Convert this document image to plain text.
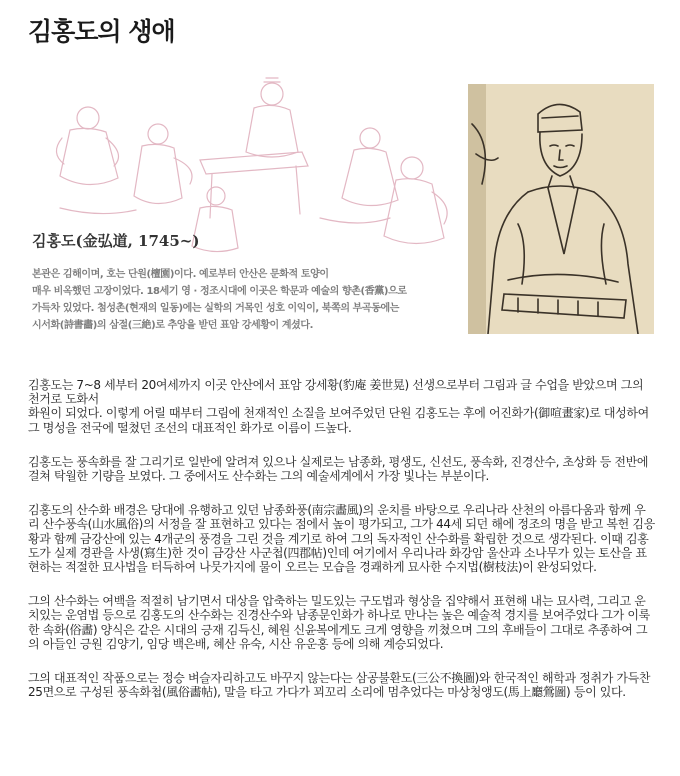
김홍도의 생애
김홍도(金弘道, 1745~)

본관은 김해이며, 호는 단원(檀園)이다. 예로부터 안산은 문화적 토양이

매우 비옥했던 고장이었다. 18세기 영 · 정조시대에 이곳은 학문과 예술의 향촌(香黨)으로

가득차 있었다. 첨성촌(현재의 일동)에는 실학의 거목인 성호 이익이, 북쪽의 부곡동에는

시서화(詩書畵)의 삼절(三絶)로 추앙을 받던 표암 강세황이 계셨다.

김홍도는 7~8 세부터 20여세까지 이곳 안산에서 표암 강세황(豹庵 姜世晃) 선생으로부터 그림과 글 수업을 받았으며 그의 천거로 도화서
화원이 되었다. 이렇게 어릴 때부터 그림에 천재적인 소질을 보여주었던 단원 김홍도는 후에 어진화가(御喧畫家)로 대성하여 그 명성을 전국에 떨쳤던 조선의 대표적인 화가로 이름이 드높다.

김홍도는 풍속화를 잘 그리기로 일반에 알려져 있으나 실제로는 남종화, 평생도, 신선도, 풍속화, 진경산수, 초상화 등 전반에 걸쳐 탁월한 기량을 보였다. 그 중에서도 산수화는 그의 예술세계에서 가장 빛나는 부분이다.

김홍도의 산수화 배경은 당대에 유행하고 있던 남종화풍(南宗畵風)의 운치를 바탕으로 우리나라 산천의 아름다움과 함께 우리 산수풍속(山水風俗)의 서정을 잘 표현하고 있다는 점에서 높이 평가되고, 그가 44세 되던 해에 정조의 명을 받고 복헌 김응황과 함께 금강산에 있는 4개군의 풍경을 그린 것을 계기로 하여 그의 독자적인 산수화를 확립한 것으로 생각된다. 이때 김홍도가 실제 경관을 사생(寫生)한 것이 금강산 사군첩(四郡帖)인데 여기에서 우리나라 화강암 울산과 소나무가 있는 토산을 표현하는 적절한 묘사법을 터득하여 나뭇가지에 물이 오르는 모습을 경쾌하게 묘사한 수지법(樹枝法)이 완성되었다.

그의 산수화는 여백을 적절히 남기면서 대상을 압축하는 밀도있는 구도법과 형상을 집약해서 표현해 내는 묘사력, 그리고 운치있는 운염법 등으로 김홍도의 산수화는 진경산수와 남종문인화가 하나로 만나는 높은 예술적 경지를 보여주었다 그가 이룩한 속화(俗畵) 양식은 같은 시대의 긍재 김득신, 혜원 신윤복에게도 크게 영향을 끼쳤으며 그의 후배들이 그대로 추종하여 그의 아들인 긍원 김양기, 임당 백은배, 혜산 유숙, 시산 유운홍 등에 의해 계승되었다.

그의 대표적인 작품으로는 정승 벼슬자리하고도 바꾸지 않는다는 삼공불환도(三公不換圖)와 한국적인 해학과 정취가 가득찬 25면으로 구성된 풍속화첩(風俗畵帖), 말을 타고 가다가 꾀꼬리 소리에 멈추었다는 마상청앵도(馬上廳鶯圖) 등이 있다.
